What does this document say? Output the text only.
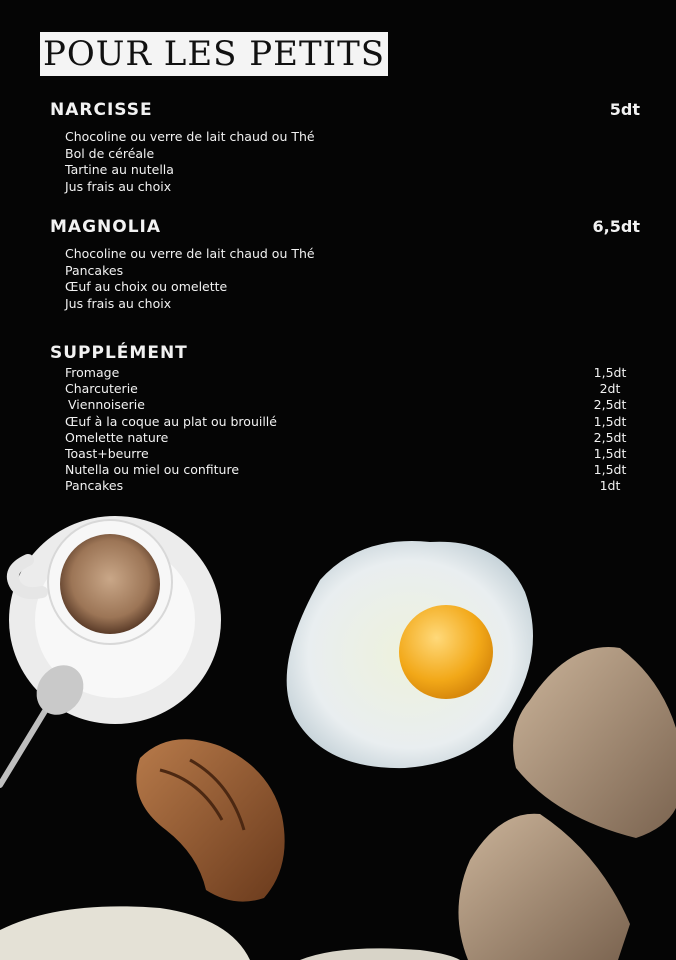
POUR LES PETITS
NARCISSE	5dt
Chocoline ou verre de lait chaud ou Thé
Bol de céréale
Tartine au nutella
Jus frais au choix
MAGNOLIA	6,5dt
Chocoline ou verre de lait chaud ou Thé
Pancakes
Œuf au choix ou omelette
Jus frais au choix
SUPPLÉMENT
Fromage	1,5dt
Charcuterie	2dt
Viennoiserie	2,5dt
Œuf à la coque au plat ou brouillé	1,5dt
Omelette nature	2,5dt
Toast+beurre	1,5dt
Nutella ou miel ou confiture	1,5dt
Pancakes	1dt
